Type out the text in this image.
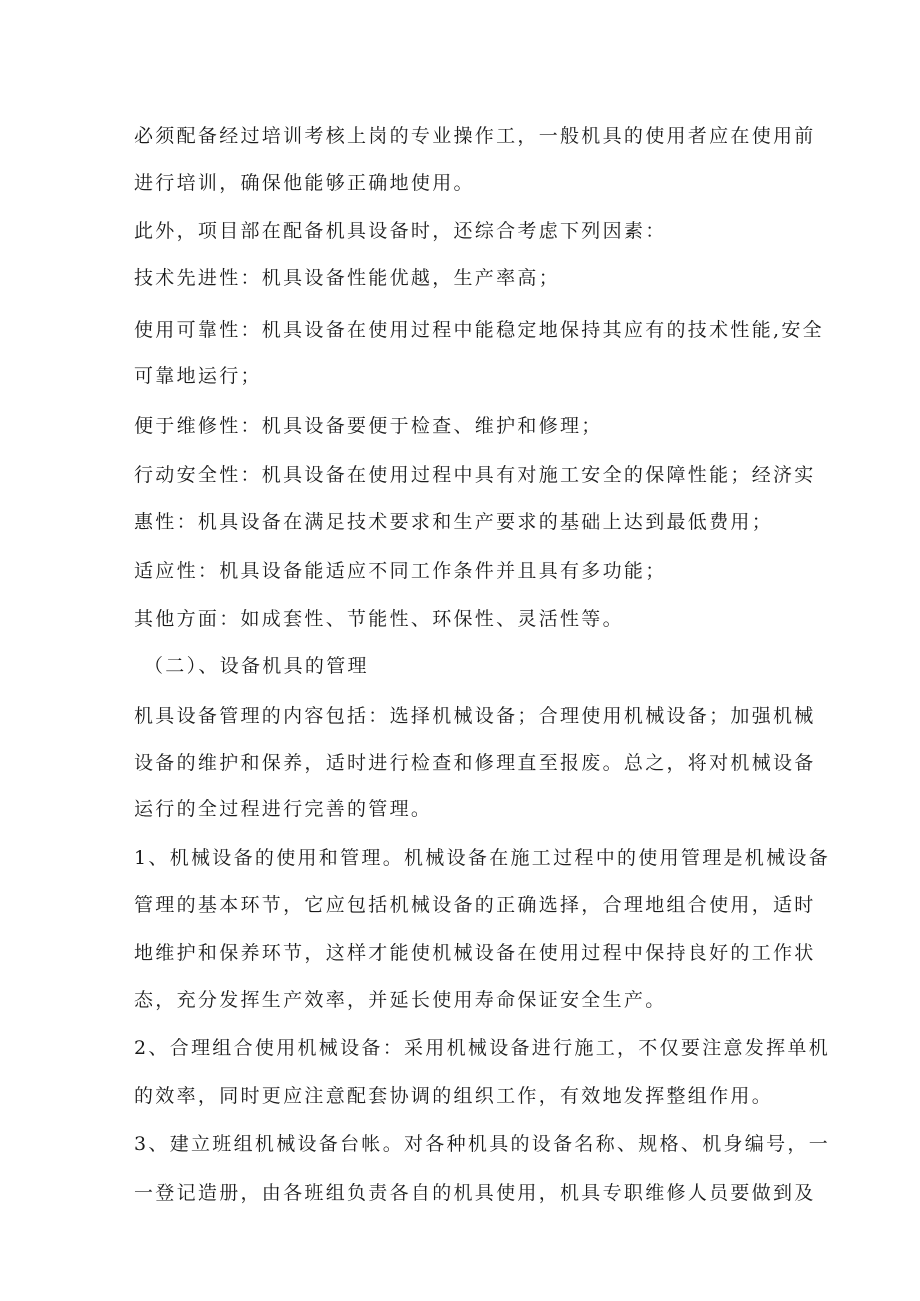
必须配备经过培训考核上岗的专业操作工，一般机具的使用者应在使用前
进行培训，确保他能够正确地使用。
此外，项目部在配备机具设备时，还综合考虑下列因素：
技术先进性：机具设备性能优越，生产率高；
使用可靠性：机具设备在使用过程中能稳定地保持其应有的技术性能,安全
可靠地运行；
便于维修性：机具设备要便于检查、维护和修理；
行动安全性：机具设备在使用过程中具有对施工安全的保障性能；经济实
惠性：机具设备在满足技术要求和生产要求的基础上达到最低费用；
适应性：机具设备能适应不同工作条件并且具有多功能；
其他方面：如成套性、节能性、环保性、灵活性等。
（二）、设备机具的管理
机具设备管理的内容包括：选择机械设备；合理使用机械设备；加强机械
设备的维护和保养，适时进行检查和修理直至报废。总之，将对机械设备
运行的全过程进行完善的管理。
1、机械设备的使用和管理。机械设备在施工过程中的使用管理是机械设备
管理的基本环节，它应包括机械设备的正确选择，合理地组合使用，适时
地维护和保养环节，这样才能使机械设备在使用过程中保持良好的工作状
态，充分发挥生产效率，并延长使用寿命保证安全生产。
2、合理组合使用机械设备：采用机械设备进行施工，不仅要注意发挥单机
的效率，同时更应注意配套协调的组织工作，有效地发挥整组作用。
3、建立班组机械设备台帐。对各种机具的设备名称、规格、机身编号，一
一登记造册，由各班组负责各自的机具使用，机具专职维修人员要做到及
